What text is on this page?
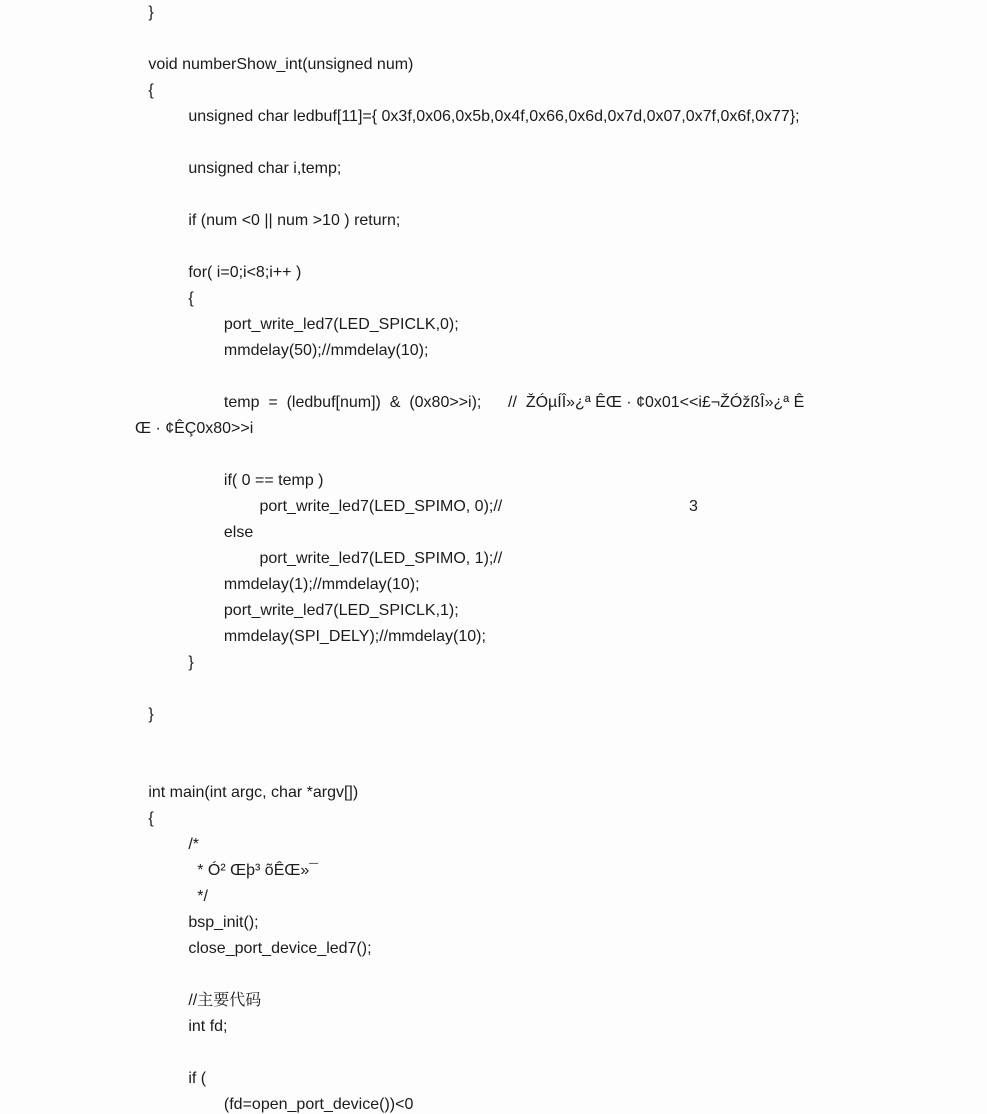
}
void numberShow_int(unsigned num)
{
unsigned char ledbuf[11]={ 0x3f,0x06,0x5b,0x4f,0x66,0x6d,0x7d,0x07,0x7f,0x6f,0x77};
unsigned char i,temp;
if (num <0 || num >10 ) return;
for( i=0;i<8;i++ )
{
port_write_led7(LED_SPICLK,0);
mmdelay(50);//mmdelay(10);
temp  =  (ledbuf[num])  &  (0x80>>i);      //  ŽÓµÍÎ»¿ª ÊŒ · ¢0x01<<i£¬ŽÓžßÎ»¿ª Ê
Œ · ¢ÊÇ0x80>>i
if( 0 == temp )
port_write_led7(LED_SPIMO, 0);//                                          3
else
port_write_led7(LED_SPIMO, 1);//
mmdelay(1);//mmdelay(10);
port_write_led7(LED_SPICLK,1);
mmdelay(SPI_DELY);//mmdelay(10);
}
}
int main(int argc, char *argv[])
{
/*
* Ó² Œþ³ õÊŒ»¯
*/
bsp_init();
close_port_device_led7();
//主要代码
int fd;
if (
(fd=open_port_device())<0
